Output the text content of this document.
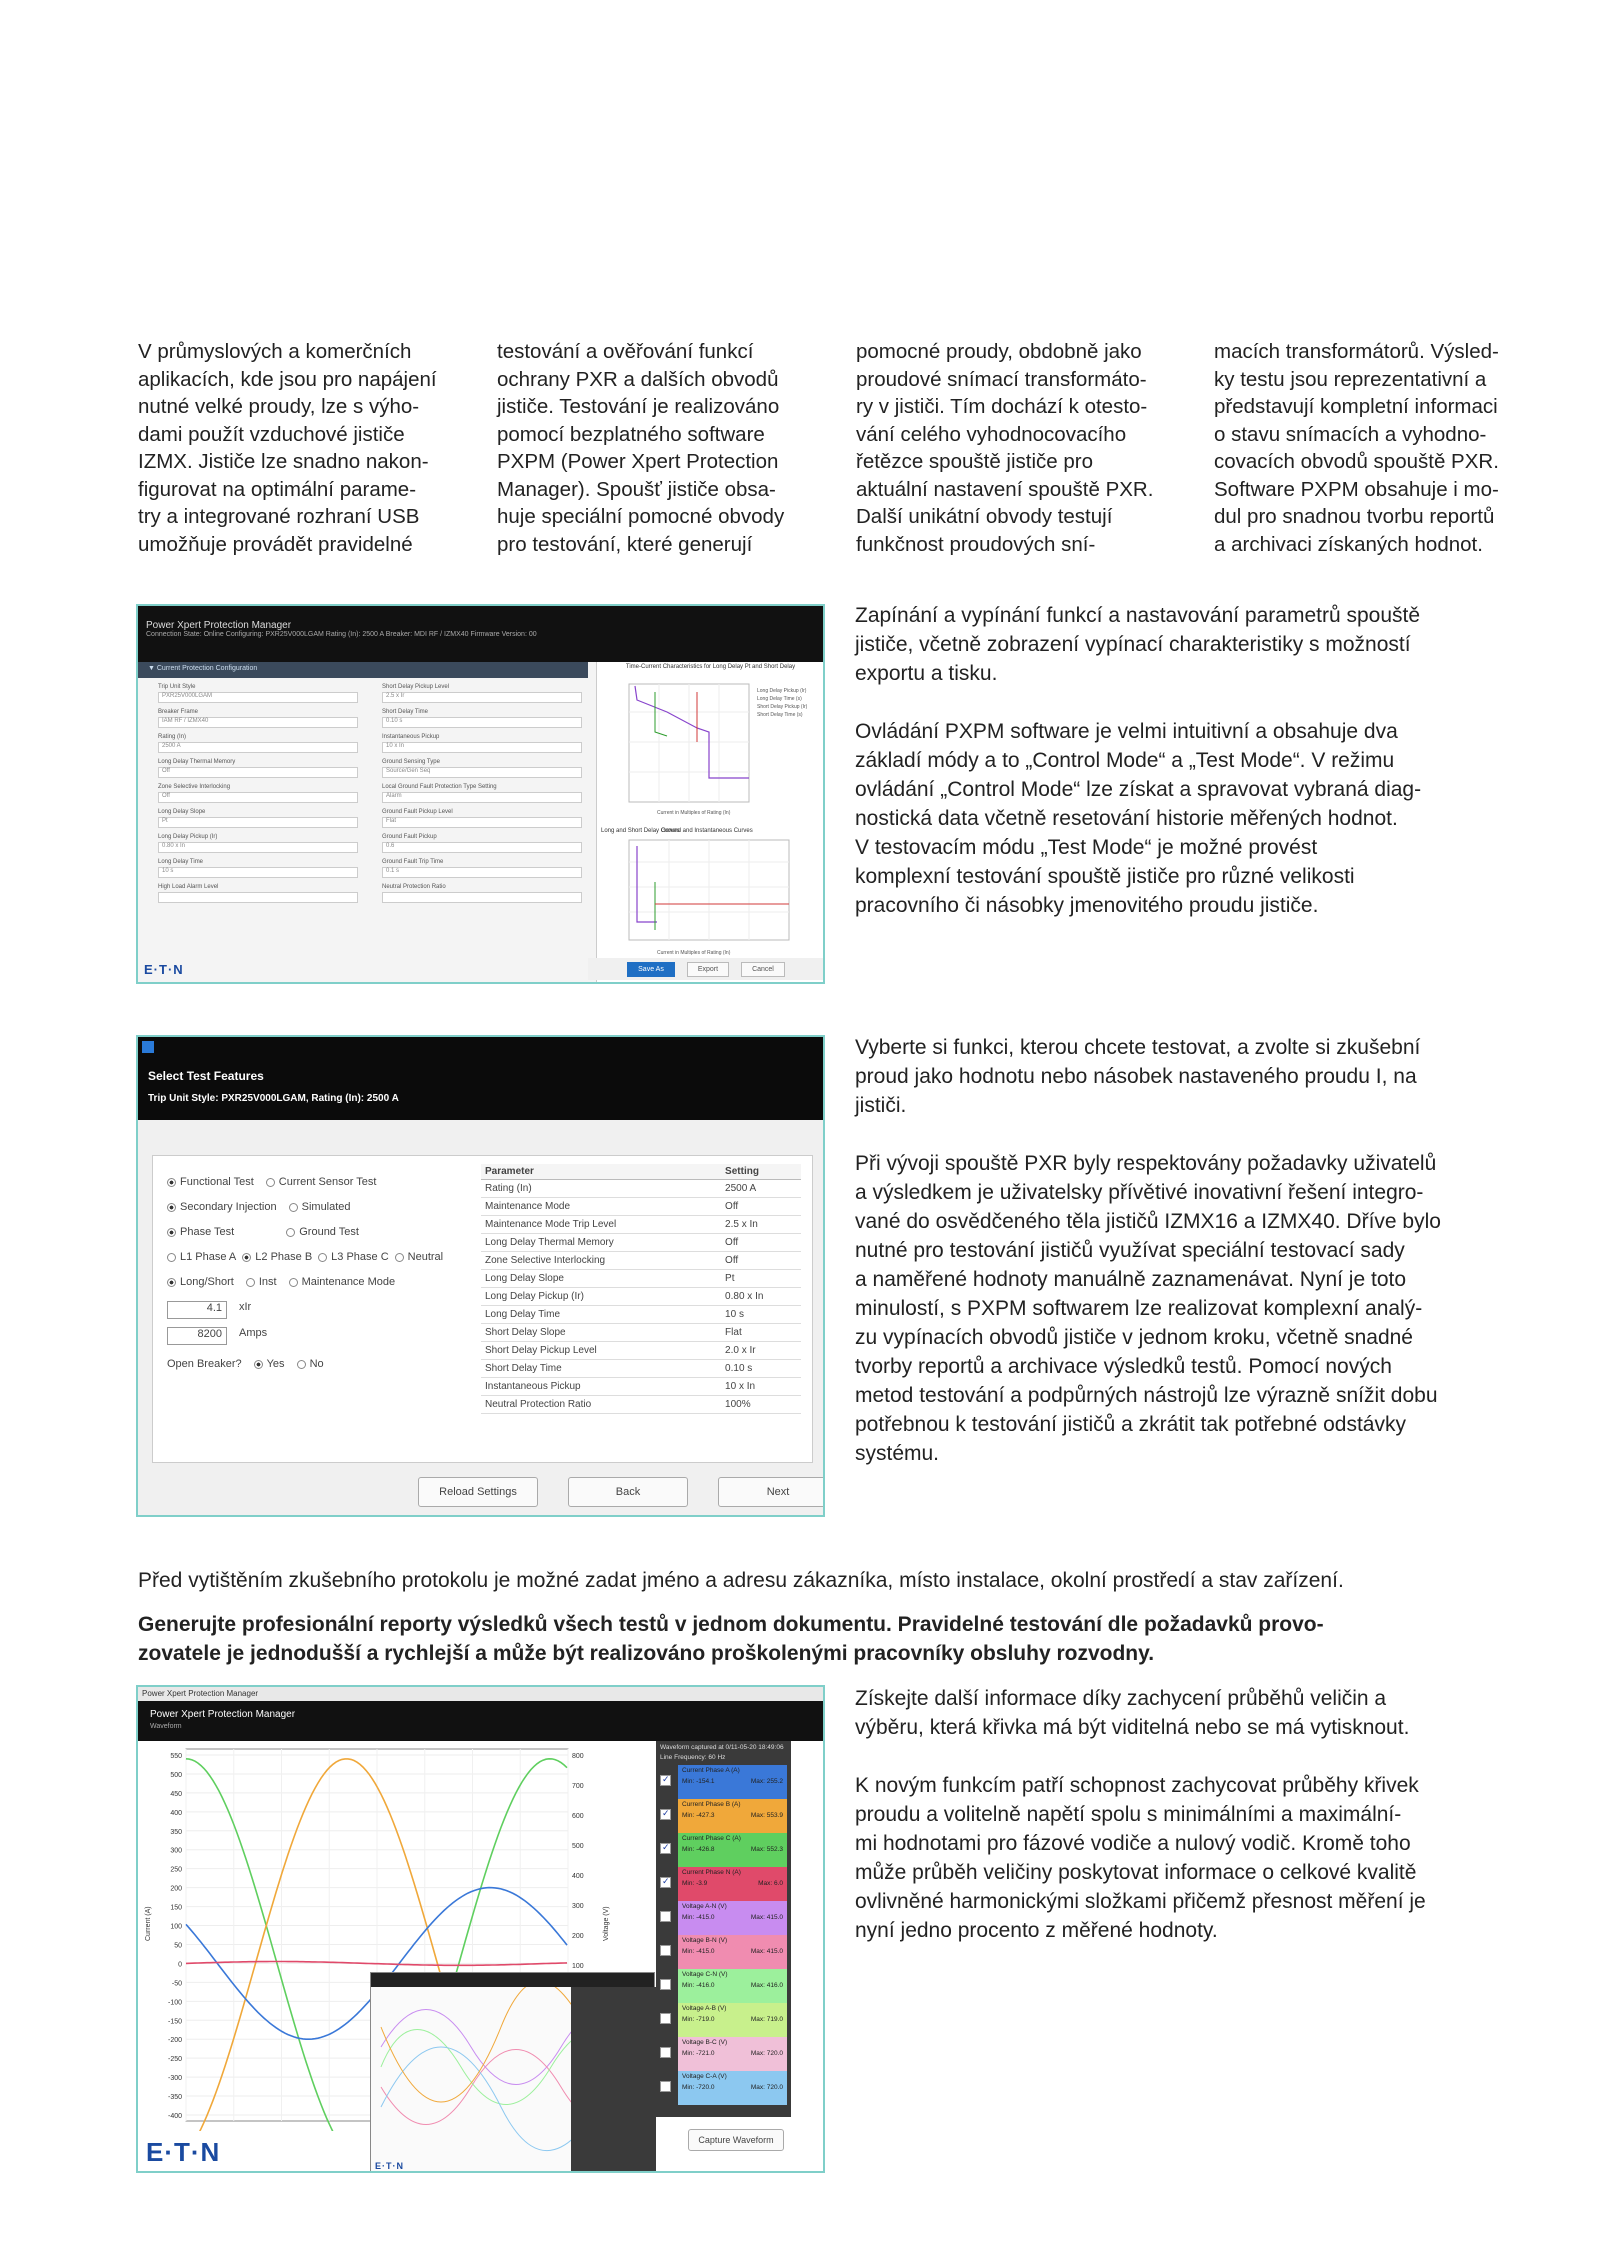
V průmyslových a komerčních
aplikacích, kde jsou pro napájení
nutné velké proudy, lze s výho-
dami použít vzduchové jističe
IZMX. Jističe lze snadno nakon-
figurovat na optimální parame-
try a integrované rozhraní USB
umožňuje provádět pravidelné

testování a ověřování funkcí
ochrany PXR a dalších obvodů
jističe. Testování je realizováno
pomocí bezplatného software
PXPM (Power Xpert Protection
Manager). Spoušť jističe obsa-
huje speciální pomocné obvody
pro testování, které generují

pomocné proudy, obdobně jako
proudové snímací transformáto-
ry v jističi. Tím dochází k otesto-
vání celého vyhodnocovacího
řetězce spouště jističe pro
aktuální nastavení spouště PXR.
Další unikátní obvody testují
funkčnost proudových sní-

macích transformátorů. Výsled-
ky testu jsou reprezentativní a
představují kompletní informaci
o stavu snímacích a vyhodno-
covacích obvodů spouště PXR.
Software PXPM obsahuje i mo-
dul pro snadnou tvorbu reportů
a archivaci získaných hodnot.

Power Xpert Protection Manager
Connection State: Online Configuring: PXR25V000LGAM Rating (In): 2500 A Breaker: MDI RF / IZMX40 Firmware Version: 00
▼ Current Protection Configuration
Trip Unit Style
PXR25V000LGAM
Short Delay Pickup Level
2.5 x Ir
Breaker Frame
IAM RF / IZMX40
Short Delay Time
0.10 s
Rating (In)
2500 A
Instantaneous Pickup
10 x In
Long Delay Thermal Memory
Off
Ground Sensing Type
Source/Gen Seq
Zone Selective Interlocking
Off
Local Ground Fault Protection Type Setting
Alarm
Long Delay Slope
Pt
Ground Fault Pickup Level
Flat
Long Delay Pickup (Ir)
0.80 x In
Ground Fault Pickup
0.6
Long Delay Time
10 s
Ground Fault Trip Time
0.1 s
High Load Alarm Level	Neutral Protection Ratio
Time-Current Characteristics for Long Delay Pt and Short Delay
Long Delay Pickup (Ir)
Long Delay Time (s)
Short Delay Pickup (Ir)
Short Delay Time (s)
Current in Multiples of Rating (In)
Long and Short Delay Curves
Ground and Instantaneous Curves
Current in Multiples of Rating (In)
Save As	Export	Cancel
E·T·N

Zapínání a vypínání funkcí a nastavování parametrů spouště
jističe, včetně zobrazení vypínací charakteristiky s možností
exportu a tisku.

Ovládání PXPM software je velmi intuitivní a obsahuje dva
základí módy a to „Control Mode“ a „Test Mode“. V režimu
ovládání „Control Mode“ lze získat a spravovat vybraná diag-
nostická data včetně resetování historie měřených hodnot.
V testovacím módu „Test Mode“ je možné provést
komplexní testování spouště jističe pro různé velikosti
pracovního či násobky jmenovitého proudu jističe.

Select Test Features
Trip Unit Style: PXR25V000LGAM, Rating (In): 2500 A
Functional Test	Current Sensor Test
Secondary Injection	Simulated
Phase Test	Ground Test
L1 Phase A	L2 Phase B	L3 Phase C	Neutral
Long/Short	Inst	Maintenance Mode
4.1	xIr
8200	Amps
Open Breaker?	Yes	No
Parameter	Setting
Rating (In)	2500 A
Maintenance Mode	Off
Maintenance Mode Trip Level	2.5 x In
Long Delay Thermal Memory	Off
Zone Selective Interlocking	Off
Long Delay Slope	Pt
Long Delay Pickup (Ir)	0.80 x In
Long Delay Time	10 s
Short Delay Slope	Flat
Short Delay Pickup Level	2.0 x Ir
Short Delay Time	0.10 s
Instantaneous Pickup	10 x In
Neutral Protection Ratio	100%
Reload Settings	Back	Next

Vyberte si funkci, kterou chcete testovat, a zvolte si zkušební
proud jako hodnotu nebo násobek nastaveného proudu I, na
jističi.

Při vývoji spouště PXR byly respektovány požadavky uživatelů
a výsledkem je uživatelsky přívětivé inovativní řešení integro-
vané do osvědčeného těla jističů IZMX16 a IZMX40. Dříve bylo
nutné pro testování jističů využívat speciální testovací sady
a naměřené hodnoty manuálně zaznamenávat. Nyní je toto
minulostí, s PXPM softwarem lze realizovat komplexní analý-
zu vypínacích obvodů jističe v jednom kroku, včetně snadné
tvorby reportů a archivace výsledků testů. Pomocí nových
metod testování a podpůrných nástrojů lze výrazně snížit dobu
potřebnou k testování jističů a zkrátit tak potřebné odstávky
systému.

Před vytištěním zkušebního protokolu je možné zadat jméno a adresu zákazníka, místo instalace, okolní prostředí a stav zařízení.
Generujte profesionální reporty výsledků všech testů v jednom dokumentu. Pravidelné testování dle požadavků provo-
zovatele je jednodušší a rychlejší a může být realizováno proškolenými pracovníky obsluhy rozvodny.
Power Xpert Protection Manager
Power Xpert Protection Manager
Waveform
550
500
450
400
350
300
250
200
150
100
50
0
-50
-100
-150
-200
-250
-300
-350
-400
800
700
600
500
400
300
200
100
Current (A)	Voltage (V)
Waveform captured at 0/11-05-20 18:49:06
Line Frequency: 60 Hz
✓
Current Phase A (A)
Min: -154.1	Max: 255.2
✓
Current Phase B (A)
Min: -427.3	Max: 553.9
✓
Current Phase C (A)
Min: -426.8	Max: 552.3
✓
Current Phase N (A)
Min: -3.9	Max: 6.0
Voltage A-N (V)
Min: -415.0	Max: 415.0
Voltage B-N (V)
Min: -415.0	Max: 415.0
Voltage C-N (V)
Min: -416.0	Max: 416.0
Voltage A-B (V)
Min: -719.0	Max: 719.0
Voltage B-C (V)
Min: -721.0	Max: 720.0
Voltage C-A (V)
Min: -720.0	Max: 720.0
Capture Waveform
E·T·N
E·T·N

Získejte další informace díky zachycení průběhů veličin a
výběru, která křivka má být viditelná nebo se má vytisknout.

K novým funkcím patří schopnost zachycovat průběhy křivek
proudu a volitelně napětí spolu s minimálními a maximální-
mi hodnotami pro fázové vodiče a nulový vodič. Kromě toho
může průběh veličiny poskytovat informace o celkové kvalitě
ovlivněné harmonickými složkami přičemž přesnost měření je
nyní jedno procento z měřené hodnoty.
